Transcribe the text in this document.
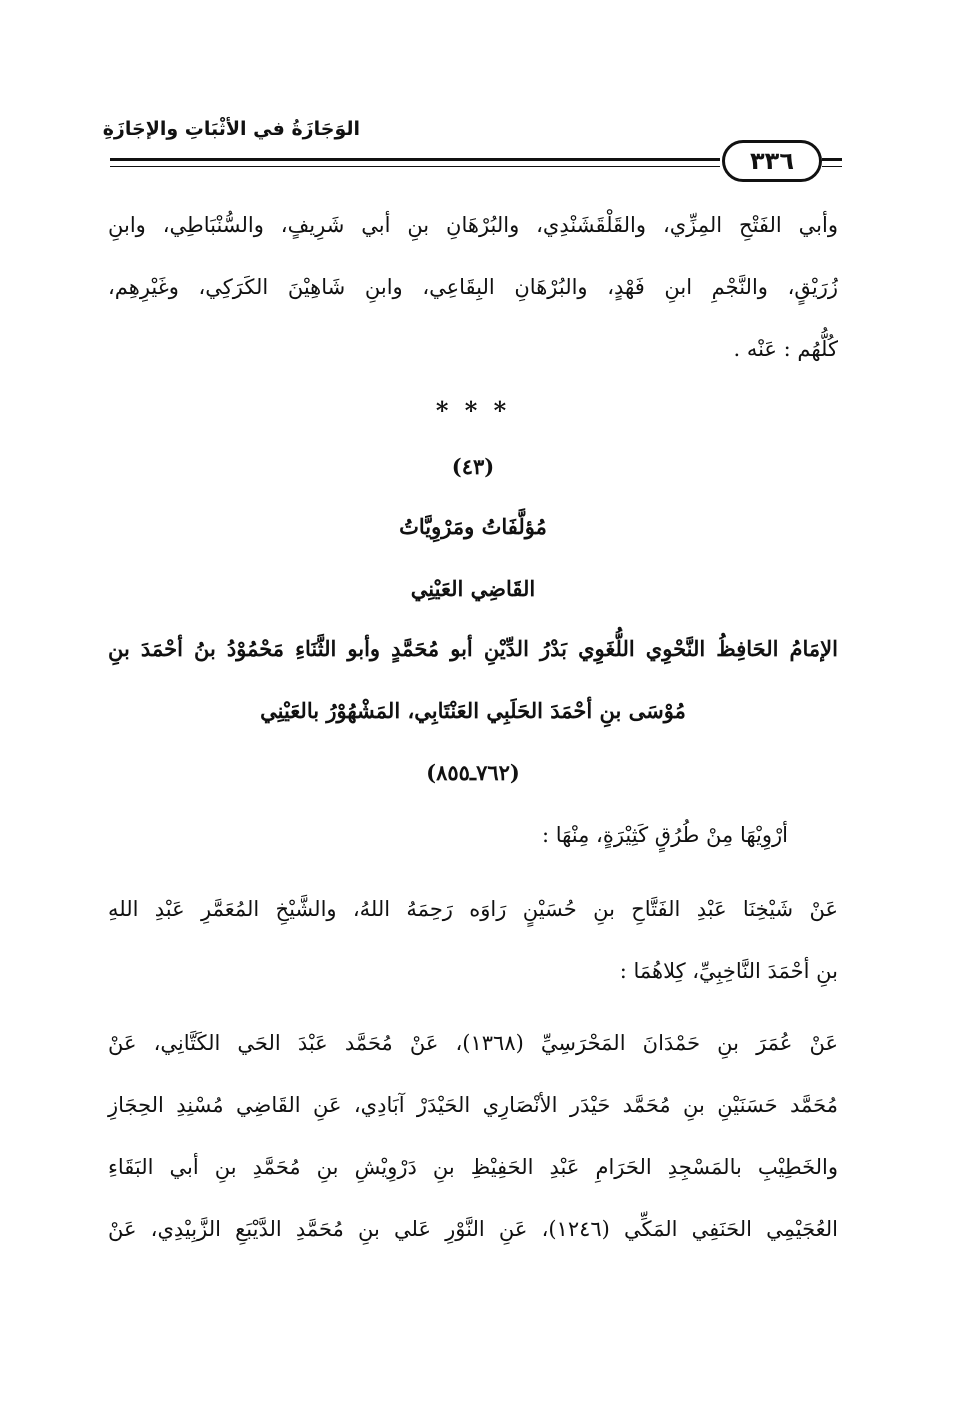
الوَجَازَةُ في الأثْبَاتِ والإجَازَةِ
٣٣٦
وأبي الفَتْحِ المِزِّي، والقَلْقَشَنْدِي، والبُرْهَانِ بنِ أبي شَرِيفٍ، والسُّنْبَاطِي، وابنِ
زُرَيْقٍ، والنَّجْمِ ابنِ فَهْدٍ، والبُرْهَانِ البِقَاعِي، وابنِ شَاهِيْنَ الكَرَكِي، وغَيْرِهِم،
كُلُّهُم : عَنْه .
* * *
(٤٣)
مُؤلَّفَاتُ ومَرْوِيَّاتُ
القَاضِي العَيْنِي
الإمَامُ الحَافِظُ النَّحْوِي اللُّغَوِي بَدْرُ الدِّيْنِ أبو مُحَمَّدٍ وأبو الثَّنَاءِ مَحْمُوْدُ بنُ أحْمَدَ بنِ
مُوْسَى بنِ أحْمَدَ الحَلَبِي العَنْتَابِي، المَشْهُوْرُ بالعَيْنِي
(٧٦٢ـ٨٥٥)
أرْوِيْهَا مِنْ طُرُقٍ كَثِيْرَةٍ، مِنْهَا :
عَنْ شَيْخِنَا عَبْدِ الفَتَّاحِ بنِ حُسَيْنٍ رَاوَه رَحِمَهُ اللهُ، والشَّيْخِ المُعَمَّرِ عَبْدِ اللهِ
بنِ أحْمَدَ النَّاخِبِيِّ، كِلاهُمَا :
عَنْ عُمَرَ بنِ حَمْدَانَ المَحْرَسِيِّ (١٣٦٨)، عَنْ مُحَمَّد عَبْدَ الحَي الكَتَّانِي، عَنْ
مُحَمَّد حَسَنَيْنِ بنِ مُحَمَّد حَيْدَر الأنْصَارِي الحَيْدَرْ آبَادِي، عَنِ القَاضِي مُسْنِدِ الحِجَازِ
والخَطِيْبِ بالمَسْجِدِ الحَرَامِ عَبْدِ الحَفِيْظِ بنِ دَرْوِيْشِ بنِ مُحَمَّدِ بنِ أبي البَقَاءِ
العُجَيْمِي الحَنَفِي المَكِّي (١٢٤٦)، عَنِ النَّوْرِ عَلي بنِ مُحَمَّدِ الدَّيْبَعِ الزَّبِيْدِي، عَنْ
